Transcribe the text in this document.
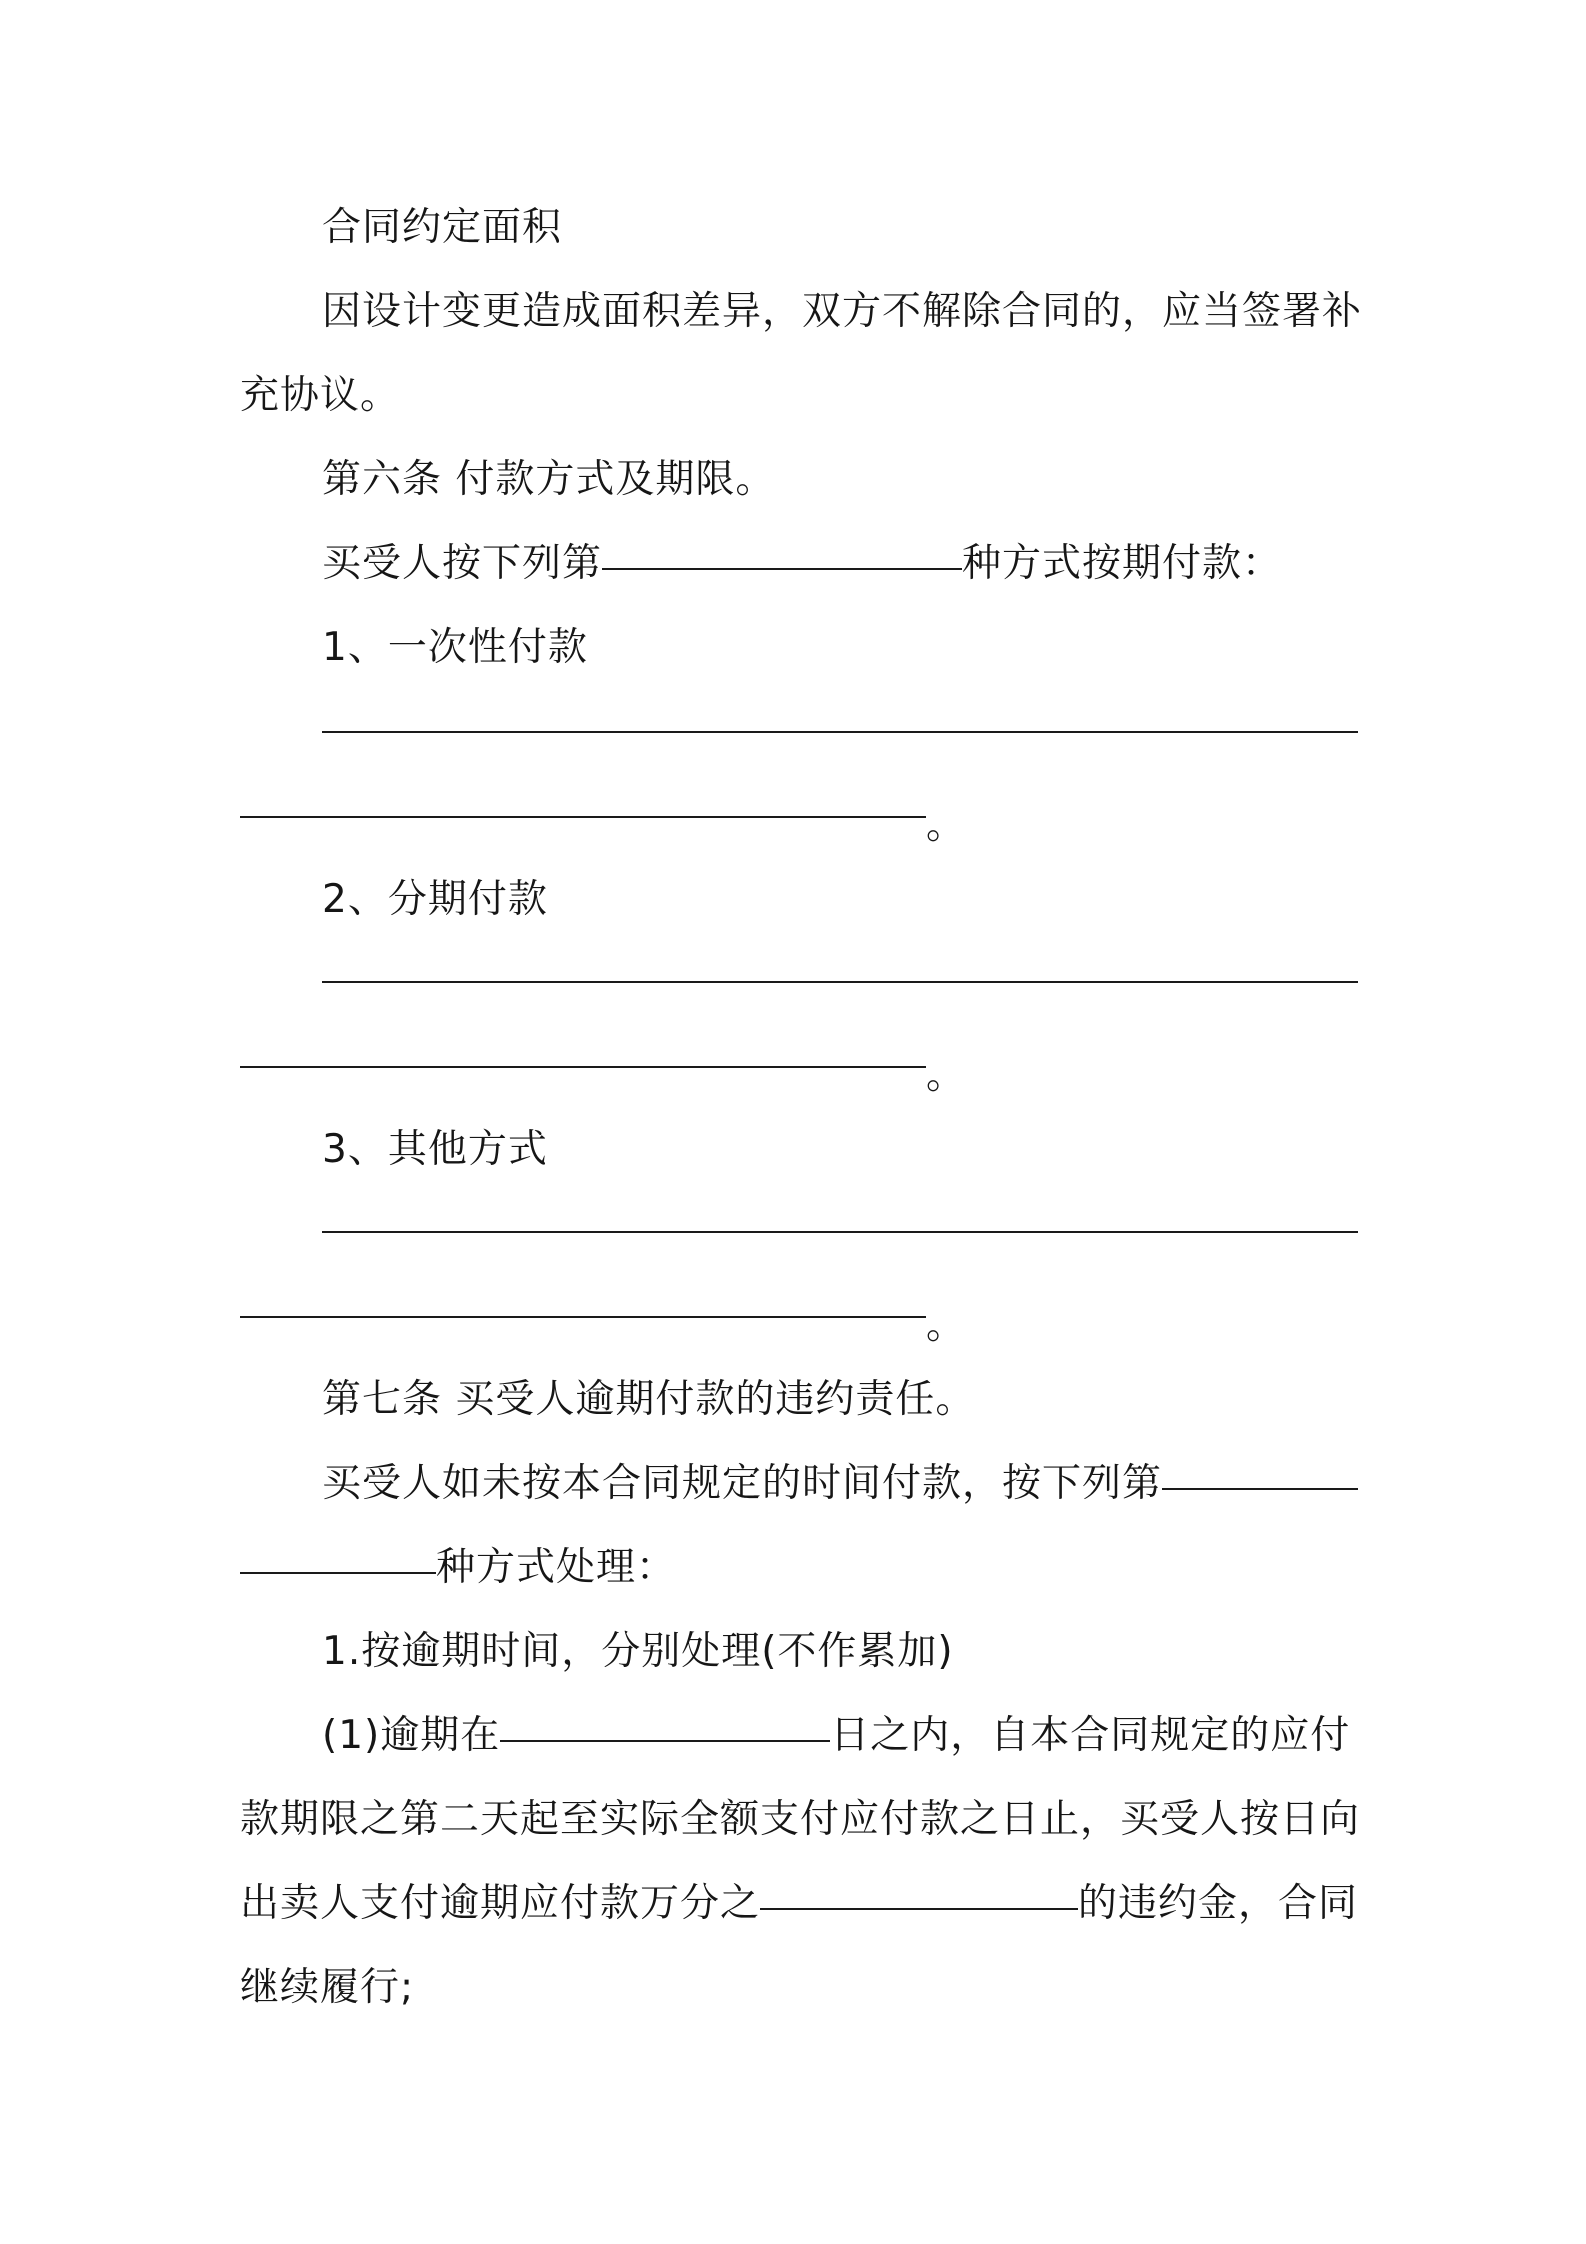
合同约定面积
因设计变更造成面积差异，双方不解除合同的，应当签署补
充协议。
第六条 付款方式及期限。
买受人按下列第	种方式按期付款：
1、一次性付款
。
2、分期付款
。
3、其他方式
。
第七条 买受人逾期付款的违约责任。
买受人如未按本合同规定的时间付款，按下列第
种方式处理：
1.按逾期时间，分别处理(不作累加)
(1)逾期在	日之内，自本合同规定的应付
款期限之第二天起至实际全额支付应付款之日止，买受人按日向
出卖人支付逾期应付款万分之	的违约金，合同
继续履行;
